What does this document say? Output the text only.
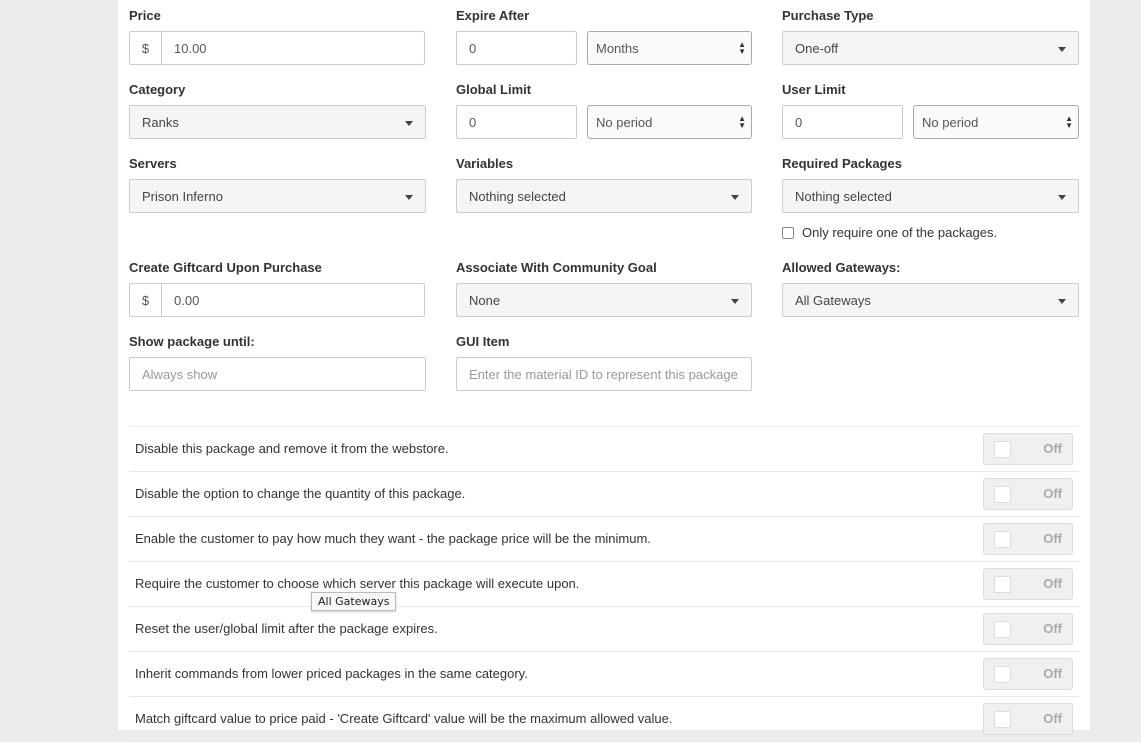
Price
$	10.00
Expire After
0	Months	▲
▼
Purchase Type
One-off
Category
Ranks
Global Limit
0	No period	▲
▼
User Limit
0	No period	▲
▼
Servers
Prison Inferno
Variables
Nothing selected
Required Packages
Nothing selected
Only require one of the packages.
Create Giftcard Upon Purchase
$	0.00
Associate With Community Goal
None
Allowed Gateways:
All Gateways
Show package until:
Always show
GUI Item
Enter the material ID to represent this package
Disable this package and remove it from the webstore.	Off
Disable the option to change the quantity of this package.	Off
Enable the customer to pay how much they want - the package price will be the minimum.	Off
Require the customer to choose which server this package will execute upon.	Off
Reset the user/global limit after the package expires.	Off
Inherit commands from lower priced packages in the same category.	Off
Match giftcard value to price paid - 'Create Giftcard' value will be the maximum allowed value.	Off
All Gateways
